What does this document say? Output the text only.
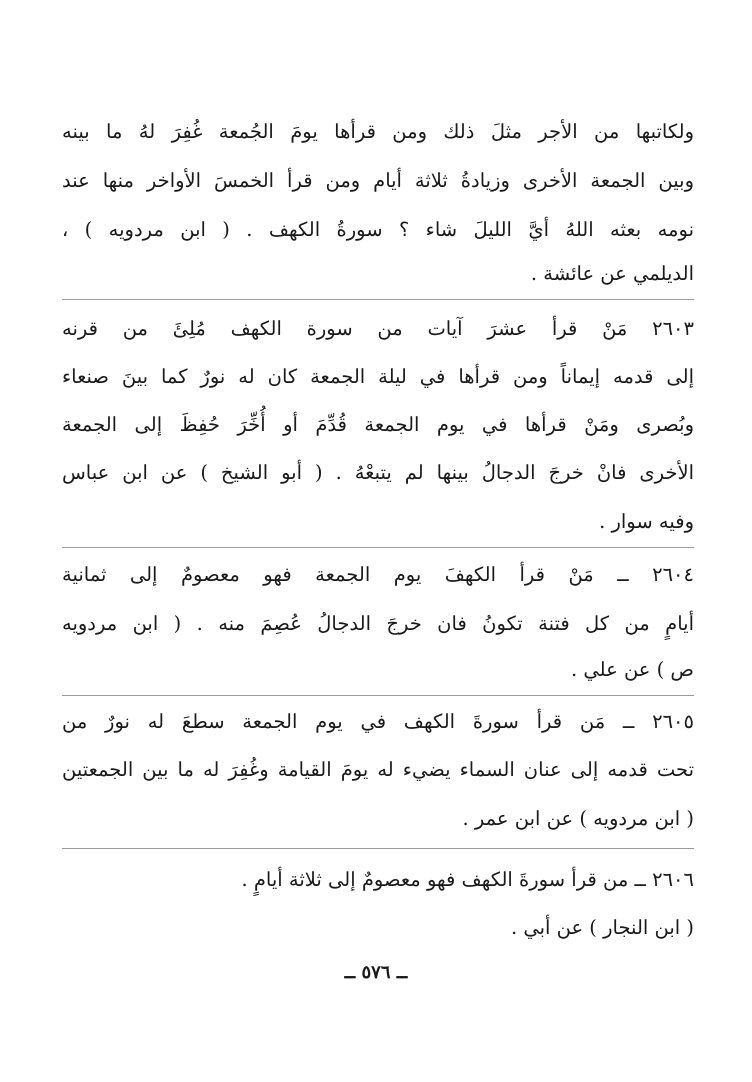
ولكاتبها من الأجر مثلَ ذلك ومن قرأها يومَ الجُمعة غُفِرَ لهُ ما بينه
وبين الجمعة الأخرى وزيادةُ ثلاثة أيام ومن قرأ الخمسَ الأواخر منها عند
نومه بعثه اللهُ أيَّ الليلَ شاء ؟ سورةُ الكهف . ( ابن مردويه ) ،
الديلمي عن عائشة .
٢٦٠٣ مَنْ قرأ عشرَ آيات من سورة الكهف مُلِئَ من قرنه
إلى قدمه إيماناً ومن قرأها في ليلة الجمعة كان له نورٌ كما بينَ صنعاء
وبُصرى ومَنْ قرأها في يوم الجمعة قُدِّمَ أو أُخِّرَ حُفِظَ إلى الجمعة
الأخرى فانْ خرجَ الدجالُ بينها لم يتبعْهُ . ( أبو الشيخ ) عن ابن عباس
وفيه سوار .
٢٦٠٤ ــ مَنْ قرأ الكهفَ يوم الجمعة فهو معصومٌ إلى ثمانية
أيامٍ من كل فتنة تكونُ فان خرجَ الدجالُ عُصِمَ منه . ( ابن مردويه
ص ) عن علي .
٢٦٠٥ ــ مَن قرأ سورةَ الكهف في يوم الجمعة سطعَ له نورٌ من
تحت قدمه إلى عنان السماء يضيء له يومَ القيامة وغُفِرَ له ما بين الجمعتين
( ابن مردويه ) عن ابن عمر .
٢٦٠٦ ــ من قرأ سورةَ الكهف فهو معصومٌ إلى ثلاثة أيامٍ .
( ابن النجار ) عن أبي .
ــ ٥٧٦ ــ
